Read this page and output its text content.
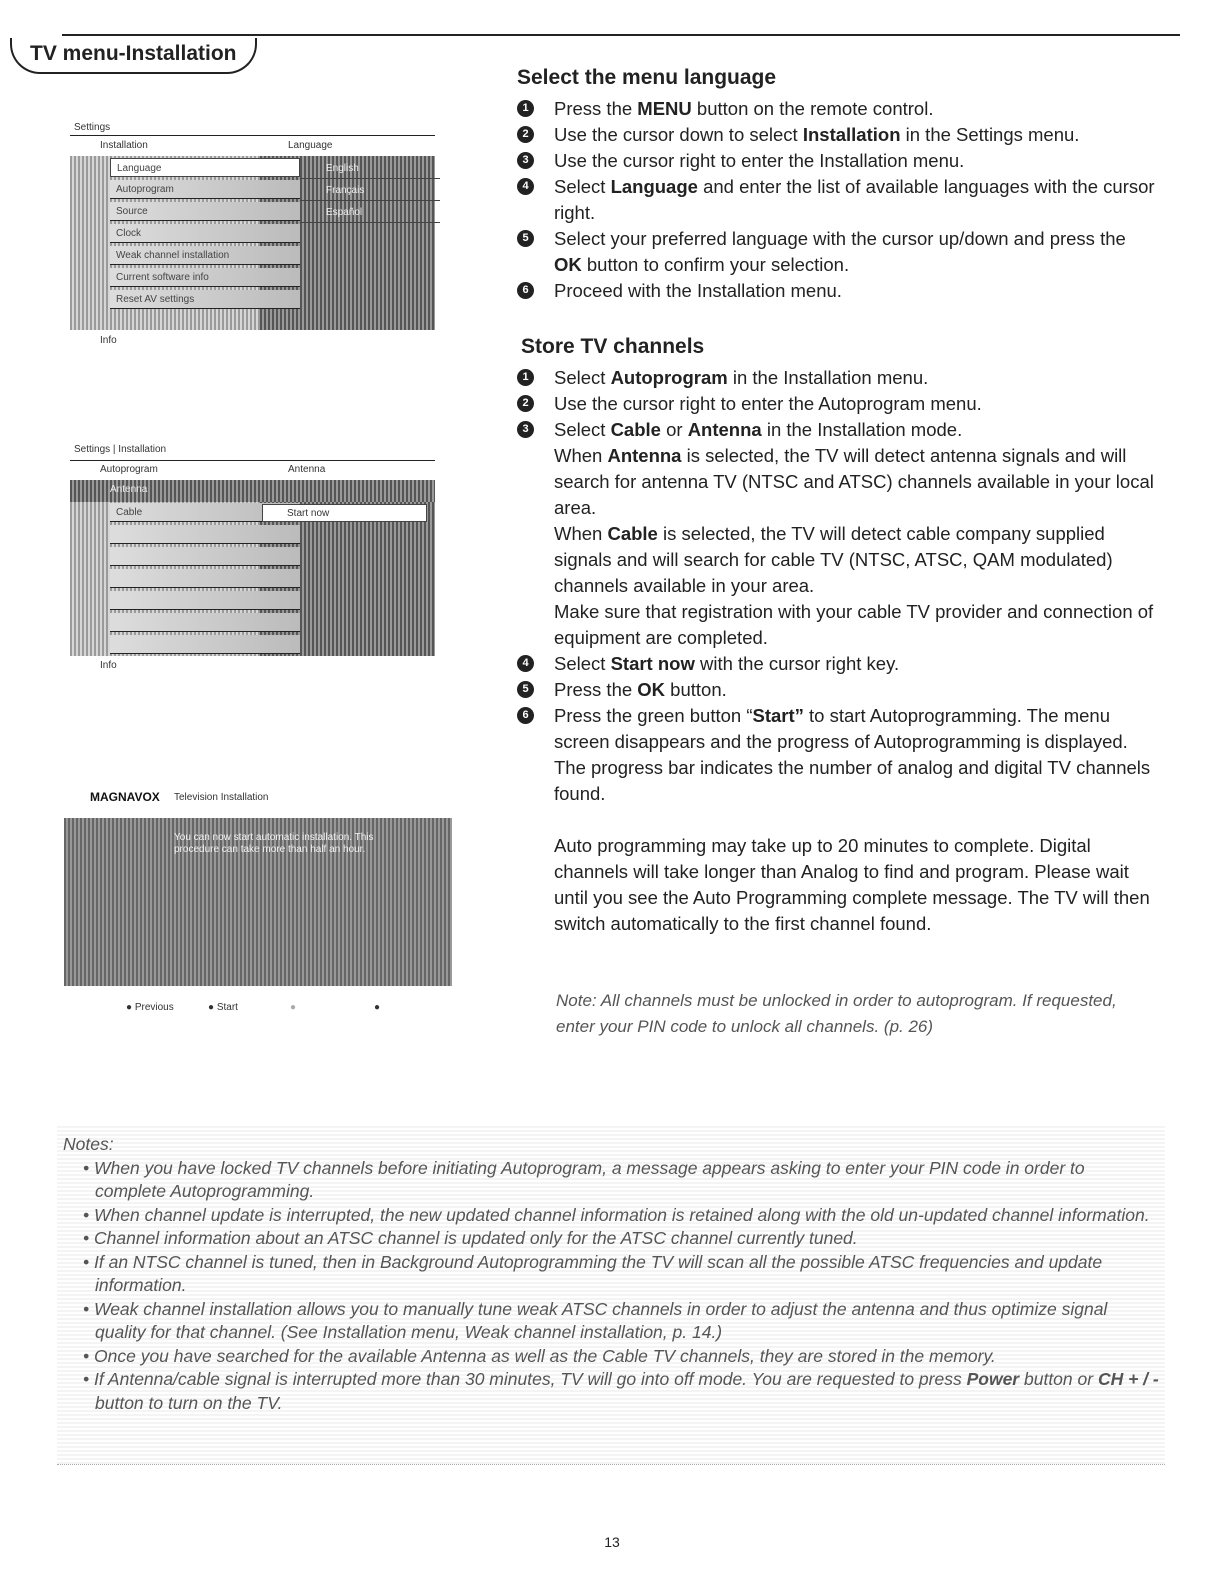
TV menu-Installation
Settings
Installation	Language
Language
Autoprogram
Source
Clock
Weak channel installation
Current software info
Reset AV settings
English
Français
Español
Info
Settings | Installation
Autoprogram	Antenna
Antenna
Cable	Start now
Info
MAGNAVOX Television Installation
You can now start automatic installation. This procedure can take more than half an hour.
● Previous	● Start	●	●
Select the menu language
1 Press the MENU button on the remote control.
2 Use the cursor down to select Installation in the Settings menu.
3 Use the cursor right to enter the Installation menu.
4 Select Language and enter the list of available languages with the cursor right.
5 Select your preferred language with the cursor up/down and press the OK button to confirm your selection.
6 Proceed with the Installation menu.
Store TV channels
1 Select Autoprogram in the Installation menu.
2 Use the cursor right to enter the Autoprogram menu.
3 Select Cable or Antenna in the Installation mode.
When Antenna is selected, the TV will detect antenna signals and will search for antenna TV (NTSC and ATSC) channels available in your local area.
When Cable is selected, the TV will detect cable company supplied signals and will search for cable TV (NTSC, ATSC, QAM modulated) channels available in your area.
Make sure that registration with your cable TV provider and connection of equipment are completed.
4 Select Start now with the cursor right key.
5 Press the OK button.
6 Press the green button “Start” to start Autoprogramming. The menu screen disappears and the progress of Autoprogramming is displayed. The progress bar indicates the number of analog and digital TV channels found.
Auto programming may take up to 20 minutes to complete. Digital channels will take longer than Analog to find and program. Please wait until you see the Auto Programming complete message. The TV will then switch automatically to the first channel found.
Note: All channels must be unlocked in order to autoprogram. If requested, enter your PIN code to unlock all channels. (p. 26)
Notes:
• When you have locked TV channels before initiating Autoprogram, a message appears asking to enter your PIN code in order to complete Autoprogramming.
• When channel update is interrupted, the new updated channel information is retained along with the old un-updated channel information.
• Channel information about an ATSC channel is updated only for the ATSC channel currently tuned.
• If an NTSC channel is tuned, then in Background Autoprogramming the TV will scan all the possible ATSC frequencies and update information.
• Weak channel installation allows you to manually tune weak ATSC channels in order to adjust the antenna and thus optimize signal quality for that channel. (See Installation menu, Weak channel installation, p. 14.)
• Once you have searched for the available Antenna as well as the Cable TV channels, they are stored in the memory.
• If Antenna/cable signal is interrupted more than 30 minutes, TV will go into off mode. You are requested to press Power button or CH + / - button to turn on the TV.
13
